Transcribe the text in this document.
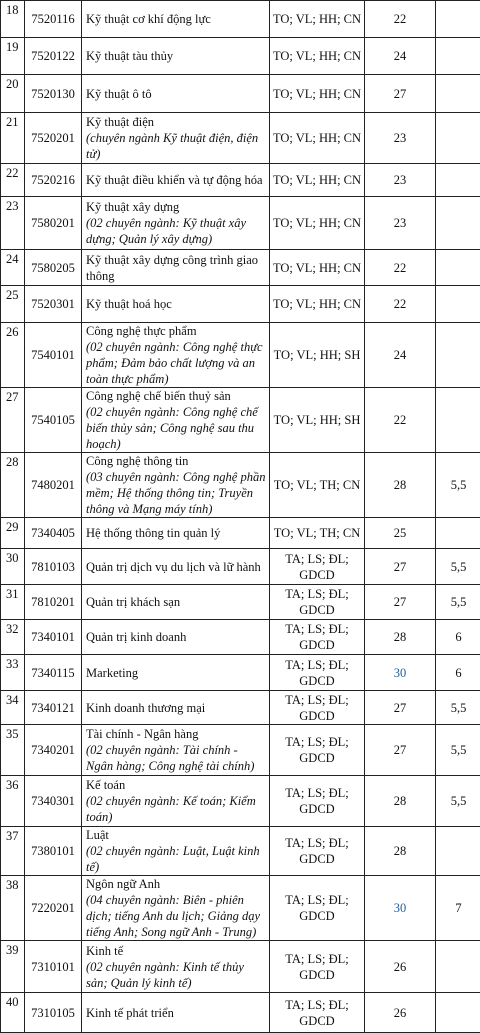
18	7520116	Kỹ thuật cơ khí động lực	TO; VL; HH; CN	22	
19	7520122	Kỹ thuật tàu thủy	TO; VL; HH; CN	24	
20	7520130	Kỹ thuật ô tô	TO; VL; HH; CN	27	
21	7520201	Kỹ thuật điện
(chuyên ngành Kỹ thuật điện, điện tử)	TO; VL; HH; CN	23	
22	7520216	Kỹ thuật điều khiển và tự động hóa	TO; VL; HH; CN	23	
23	7580201	Kỹ thuật xây dựng
(02 chuyên ngành: Kỹ thuật xây dựng; Quản lý xây dựng)	TO; VL; HH; CN	23	
24	7580205	Kỹ thuật xây dựng công trình giao thông	TO; VL; HH; CN	22	
25	7520301	Kỹ thuật hoá học	TO; VL; HH; CN	22	
26	7540101	Công nghệ thực phẩm
(02 chuyên ngành: Công nghệ thực phẩm; Đảm bảo chất lượng và an toàn thực phẩm)	TO; VL; HH; SH	24	
27	7540105	Công nghệ chế biến thuỷ sản
(02 chuyên ngành: Công nghệ chế biến thủy sản; Công nghệ sau thu hoạch)	TO; VL; HH; SH	22	
28	7480201	Công nghệ thông tin
(03 chuyên ngành: Công nghệ phần mềm; Hệ thống thông tin; Truyền thông và Mạng máy tính)	TO; VL; TH; CN	28	5,5
29	7340405	Hệ thống thông tin quản lý	TO; VL; TH; CN	25	
30	7810103	Quản trị dịch vụ du lịch và lữ hành	TA; LS; ĐL; GDCD	27	5,5
31	7810201	Quản trị khách sạn	TA; LS; ĐL; GDCD	27	5,5
32	7340101	Quản trị kinh doanh	TA; LS; ĐL; GDCD	28	6
33	7340115	Marketing	TA; LS; ĐL; GDCD	30	6
34	7340121	Kinh doanh thương mại	TA; LS; ĐL; GDCD	27	5,5
35	7340201	Tài chính - Ngân hàng
(02 chuyên ngành: Tài chính - Ngân hàng; Công nghệ tài chính)	TA; LS; ĐL; GDCD	27	5,5
36	7340301	Kế toán
(02 chuyên ngành: Kế toán; Kiểm toán)	TA; LS; ĐL; GDCD	28	5,5
37	7380101	Luật
(02 chuyên ngành: Luật, Luật kinh tế)	TA; LS; ĐL; GDCD	28	
38	7220201	Ngôn ngữ Anh
(04 chuyên ngành: Biên - phiên dịch; tiếng Anh du lịch; Giảng dạy tiếng Anh; Song ngữ Anh - Trung)	TA; LS; ĐL; GDCD	30	7
39	7310101	Kinh tế
(02 chuyên ngành: Kinh tế thủy sản; Quản lý kinh tế)	TA; LS; ĐL; GDCD	26	
40	7310105	Kinh tế phát triển	TA; LS; ĐL; GDCD	26	
